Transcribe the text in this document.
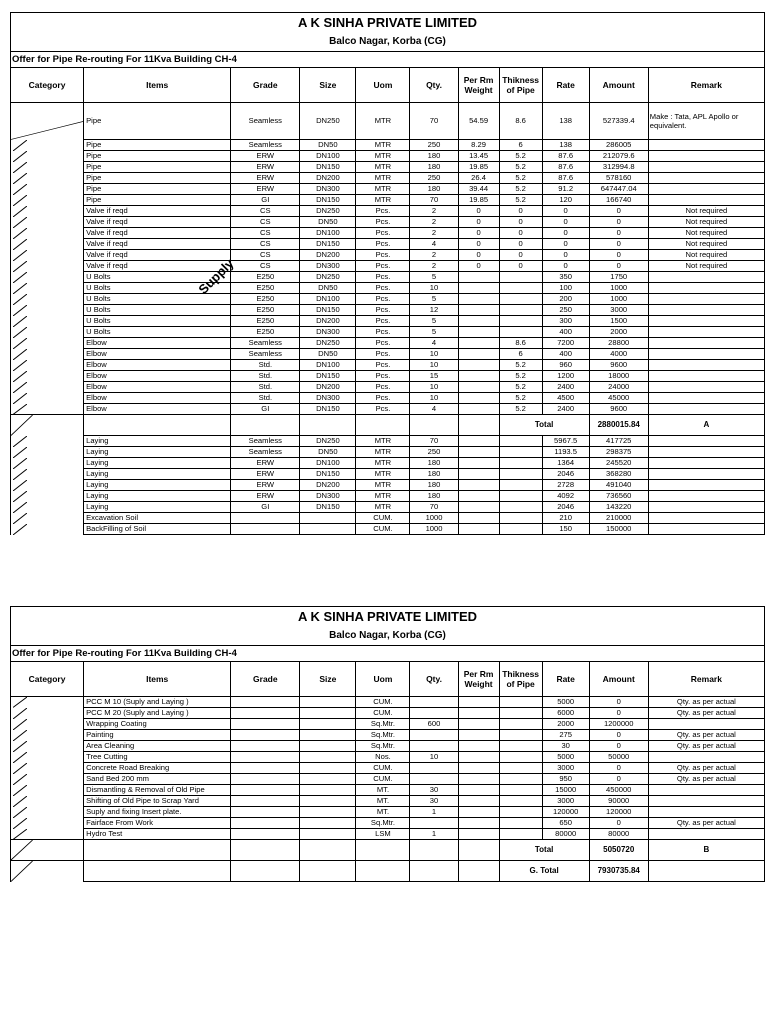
A K SINHA PRIVATE LIMITED
Balco Nagar, Korba (CG)
Offer for Pipe Re-routing For 11Kva Building CH-4
Category	Items	Grade	Size	Uom	Qty.	Per Rm Weight	Thikness of Pipe	Rate	Amount	Remark

	Pipe	Seamless	DN250	MTR	70	54.59	8.6	138	527339.4	Make : Tata, APL Apollo or equivalent.

	Pipe	Seamless	DN50	MTR	250	8.29	6	138	286005	

	Pipe	ERW	DN100	MTR	180	13.45	5.2	87.6	212079.6	

	Pipe	ERW	DN150	MTR	180	19.85	5.2	87.6	312994.8	

	Pipe	ERW	DN200	MTR	250	26.4	5.2	87.6	578160	

	Pipe	ERW	DN300	MTR	180	39.44	5.2	91.2	647447.04	

	Pipe	GI	DN150	MTR	70	19.85	5.2	120	166740	

	Valve if reqd	CS	DN250	Pcs.	2	0	0	0	0	Not required

	Valve if reqd	CS	DN50	Pcs.	2	0	0	0	0	Not required

	Valve if reqd	CS	DN100	Pcs.	2	0	0	0	0	Not required

	Valve if reqd	CS	DN150	Pcs.	4	0	0	0	0	Not required

	Valve if reqd	CS	DN200	Pcs.	2	0	0	0	0	Not required

	Valve if reqd	CS	DN300	Pcs.	2	0	0	0	0	Not required

	U Bolts	E250	DN250	Pcs.	5			350	1750	

	U Bolts	E250	DN50	Pcs.	10			100	1000	

	U Bolts	E250	DN100	Pcs.	5			200	1000	

	U Bolts	E250	DN150	Pcs.	12			250	3000	

	U Bolts	E250	DN200	Pcs.	5			300	1500	

	U Bolts	E250	DN300	Pcs.	5			400	2000	

	Elbow	Seamless	DN250	Pcs.	4		8.6	7200	28800	

	Elbow	Seamless	DN50	Pcs.	10		6	400	4000	

	Elbow	Std.	DN100	Pcs.	10		5.2	960	9600	

	Elbow	Std.	DN150	Pcs.	15		5.2	1200	18000	

	Elbow	Std.	DN200	Pcs.	10		5.2	2400	24000	

	Elbow	Std.	DN300	Pcs.	10		5.2	4500	45000	

	Elbow	GI	DN150	Pcs.	4		5.2	2400	9600	

							Total		2880015.84	A

	Laying	Seamless	DN250	MTR	70			5967.5	417725	

	Laying	Seamless	DN50	MTR	250			1193.5	298375	

	Laying	ERW	DN100	MTR	180			1364	245520	

	Laying	ERW	DN150	MTR	180			2046	368280	

	Laying	ERW	DN200	MTR	180			2728	491040	

	Laying	ERW	DN300	MTR	180			4092	736560	

	Laying	GI	DN150	MTR	70			2046	143220	

	Excavation Soil			CUM.	1000			210	210000	

	BackFilling of Soil			CUM.	1000			150	150000	
Supply
A K SINHA PRIVATE LIMITED
Balco Nagar, Korba (CG)
Offer for Pipe Re-routing For 11Kva Building CH-4
Category	Items	Grade	Size	Uom	Qty.	Per Rm Weight	Thikness of Pipe	Rate	Amount	Remark

	PCC M 10 (Suply and Laying )			CUM.				5000	0	Qty. as per actual

	PCC M 20 (Suply and Laying )			CUM.				6000	0	Qty. as per actual

	Wrapping Coating			Sq.Mtr.	600			2000	1200000	

	Painting			Sq.Mtr.				275	0	Qty. as per actual

	Area Cleaning			Sq.Mtr.				30	0	Qty. as per actual

	Tree Cutting			Nos.	10			5000	50000	

	Concrete Road Breaking			CUM.				3000	0	Qty. as per actual

	Sand Bed 200 mm			CUM.				950	0	Qty. as per actual

	Dismantling & Removal of Old Pipe			MT.	30			15000	450000	

	Shifting of Old Pipe to Scrap Yard			MT.	30			3000	90000	

	Suply and fixing Insert plate.			MT.	1			120000	120000	

	Fairface From Work			Sq.Mtr.				650	0	Qty. as per actual

	Hydro Test			LSM	1			80000	80000	

							Total		5050720	B

							G. Total		7930735.84	
